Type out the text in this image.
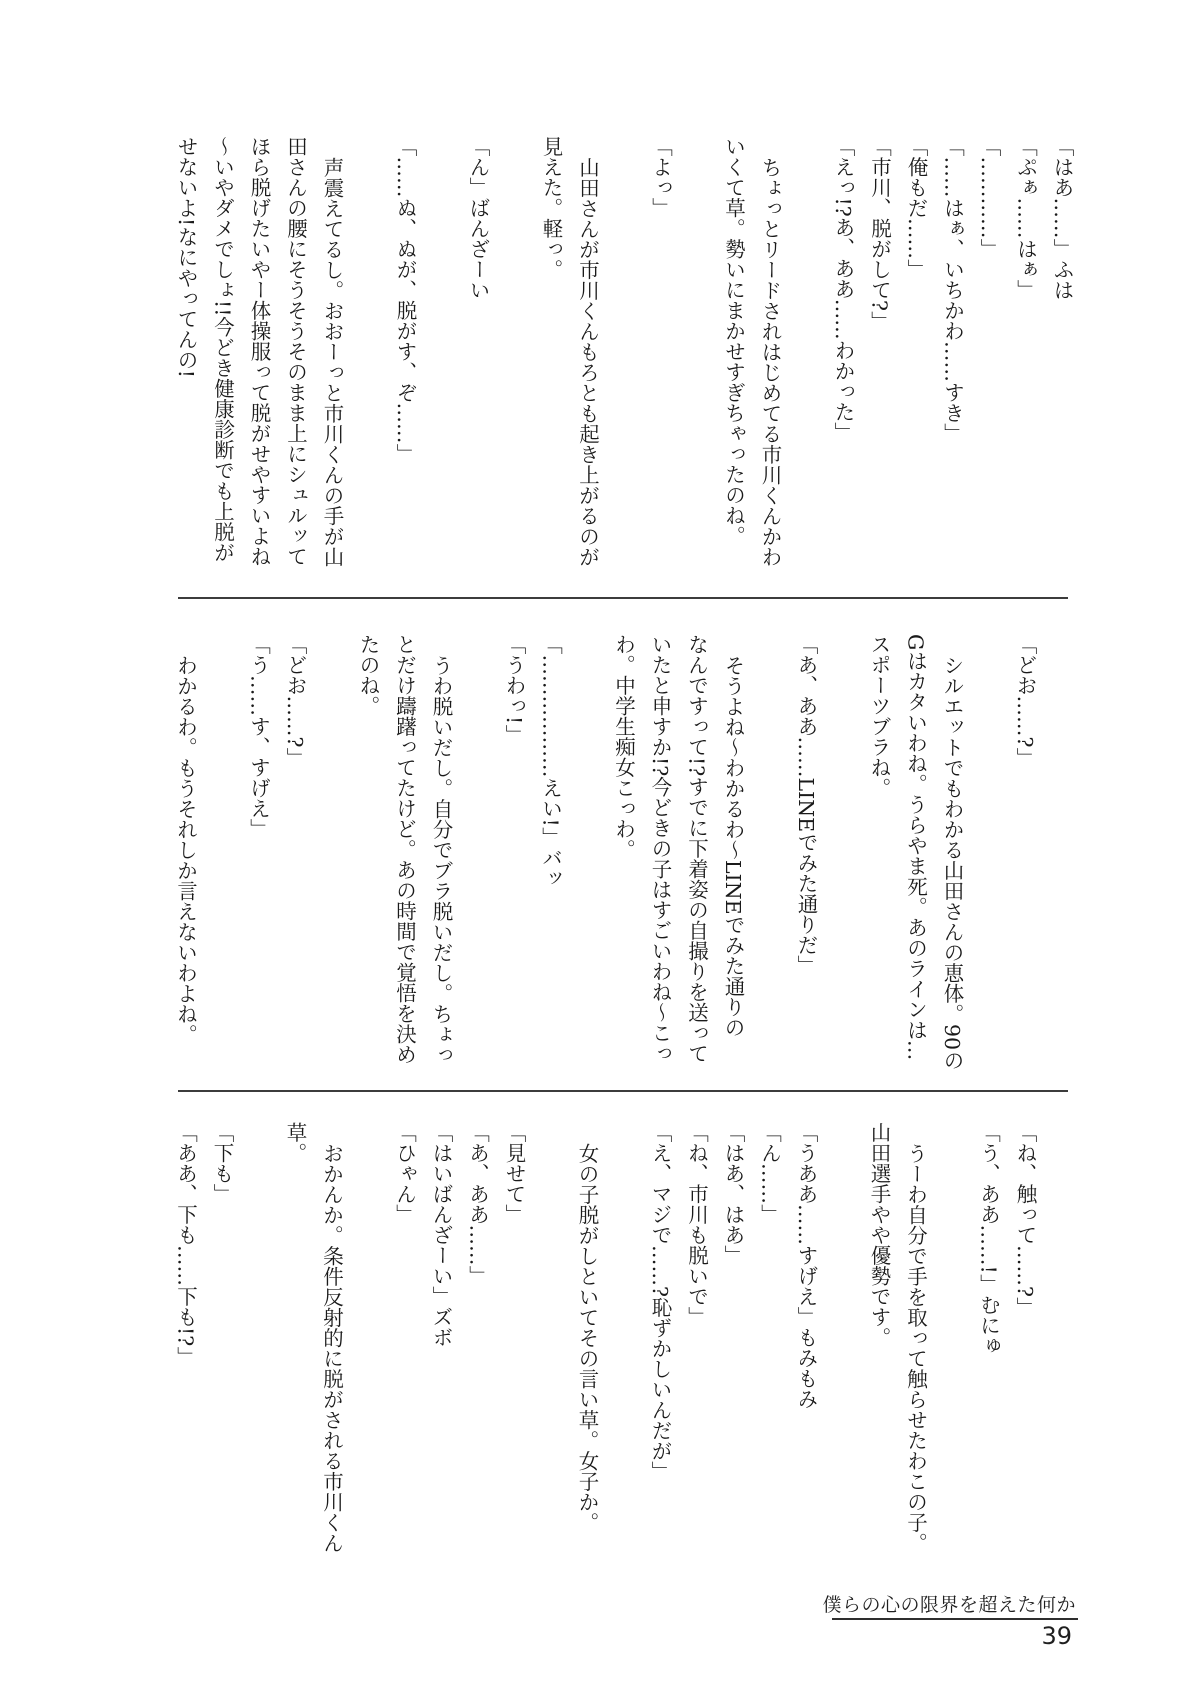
「はあ……」ふは
「ぷぁ……はぁ」
「…………」
「……はぁ、いちかわ……すき」
「俺もだ……」
「市川、脱がして?」
「えっ!?あ、ああ……わかった」
ちょっとリードされはじめてる市川くんかわ
いくて草。勢いにまかせすぎちゃったのね。
「よっ」
山田さんが市川くんもろとも起き上がるのが
見えた。軽っ。
「ん」ばんざーい
「……ぬ、ぬが、脱がす、ぞ……」
声震えてるし。おおーっと市川くんの手が山
田さんの腰にそうそうそのまま上にシュルッて
ほら脱げたいやー体操服って脱がせやすいよね
〜いやダメでしょ!!今どき健康診断でも上脱が
せないよ!なにやってんの!
「どお……?」
シルエットでもわかる山田さんの恵体。90の
Gはカタいわね。うらやま死。あのラインは…
スポーツブラね。
「あ、ああ……LINEでみた通りだ」
そうよね〜わかるわ〜LINEでみた通りの
なんですって!?すでに下着姿の自撮りを送って
いたと申すか!?今どきの子はすごいわね〜こっ
わ。中学生痴女こっわ。
「………………えい!」バッ
「うわっ!」
うわ脱いだし。自分でブラ脱いだし。ちょっ
とだけ躊躇ってたけど。あの時間で覚悟を決め
たのね。
「どお……?」
「う……す、すげえ」
わかるわ。もうそれしか言えないわよね。
「ね、触って……?」
「う、ああ……!」むにゅ
うーわ自分で手を取って触らせたわこの子。
山田選手やや優勢です。
「うああ……すげえ」もみもみ
「ん……」
「はあ、はあ」
「ね、市川も脱いで」
「え、マジで……?恥ずかしいんだが」
女の子脱がしといてその言い草。女子か。
「見せて」
「あ、ああ……」
「はいばんざーい」ズボ
「ひゃん」
おかんか。条件反射的に脱がされる市川くん
草。
「下も」
「ああ、下も……下も!?」
僕らの心の限界を超えた何か
39
